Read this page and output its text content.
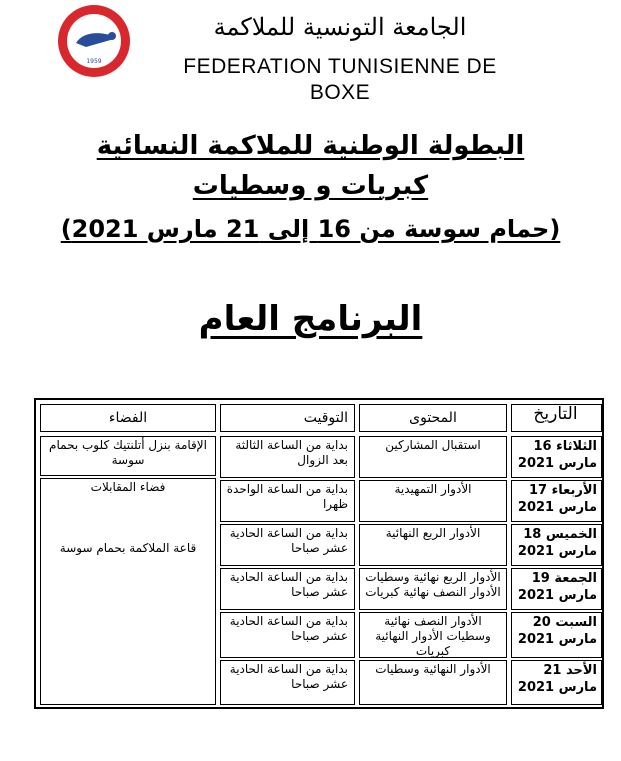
1959
الجامعة التونسية للملاكمة
FEDERATION TUNISIENNE DE BOXE
البطولة الوطنية للملاكمة النسائية
كبريات و وسطيات
(حمام سوسة من 16 إلى 21 مارس 2021)
البرنامج العام
التاريخ
الثلاثاء 16 مارس 2021
الأربعاء 17 مارس 2021
الخميس 18 مارس 2021
الجمعة 19 مارس 2021
السبت 20 مارس 2021
الأحد 21 مارس 2021
المحتوى
استقبال المشاركين
الأدوار التمهيدية
الأدوار الربع النهائية
الأدوار الربع نهائية وسطيات الأدوار النصف نهائية كبريات
الأدوار النصف نهائية وسطيات الأدوار النهائية كبريات
الأدوار النهائية وسطيات
التوقيت
بداية من الساعة الثالثة بعد الزوال
بداية من الساعة الواحدة ظهرا
بداية من الساعة الحادية عشر صباحا
بداية من الساعة الحادية عشر صباحا
بداية من الساعة الحادية عشر صباحا
بداية من الساعة الحادية عشر صباحا
الفضاء
الإقامة بنزل أتلنتيك كلوب بحمام سوسة
فضاء المقابلات
قاعة الملاكمة بحمام سوسة
